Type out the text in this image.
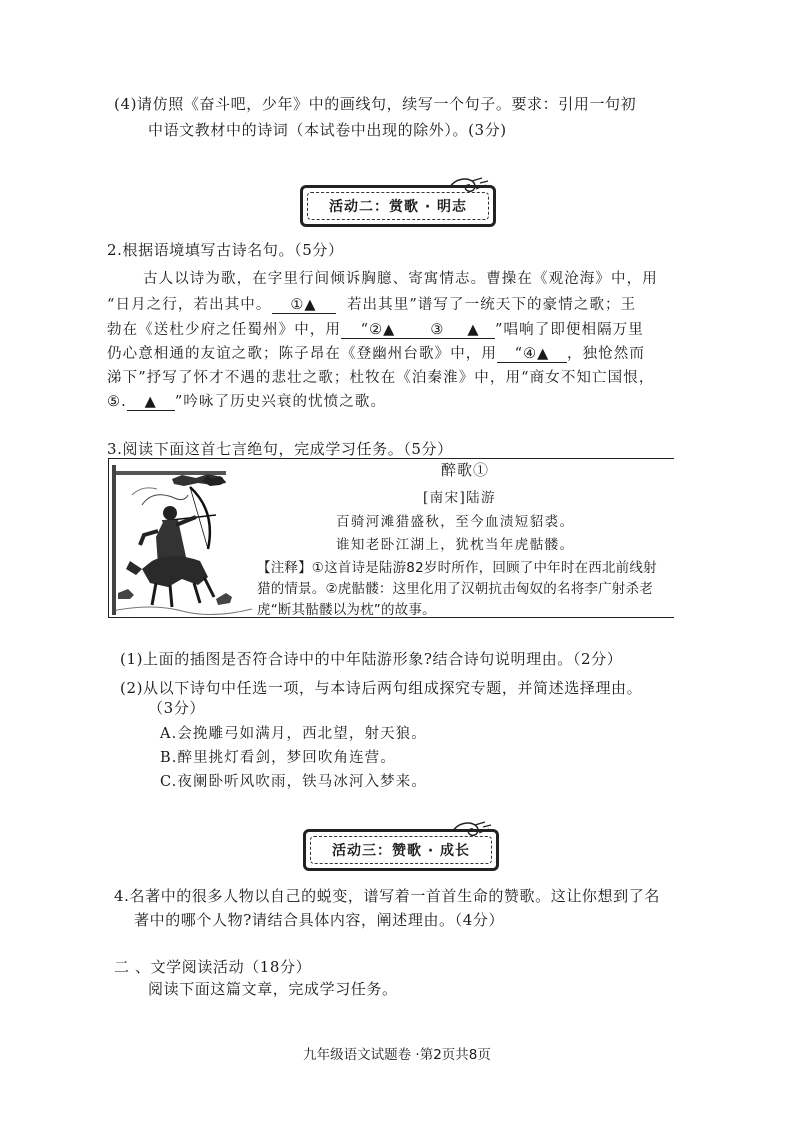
(4)请仿照《奋斗吧，少年》中的画线句，续写一个句子。要求：引用一句初
中语文教材中的诗词（本试卷中出现的除外）。(3分)
活动二：赏歌 · 明志
2.根据语境填写古诗名句。（5分）
古人以诗为歌，在字里行间倾诉胸臆、寄寓情志。曹操在《观沧海》中，用
“日月之行，若出其中。 ①▲ 若出其里”谱写了一统天下的豪情之歌；王
勃在《送杜少府之任蜀州》中，用 “②▲ ③ ▲ ”唱响了即便相隔万里
仍心意相通的友谊之歌；陈子昂在《登幽州台歌》中，用 “④▲ ，独怆然而
涕下”抒写了怀才不遇的悲壮之歌；杜牧在《泊秦淮》中，用“商女不知亡国恨，
⑤. ▲ ”吟咏了历史兴衰的忧愤之歌。
3.阅读下面这首七言绝句，完成学习任务。（5分）
醉歌①
[南宋]陆游
百骑河滩猎盛秋，至今血渍短貂裘。
谁知老卧江湖上，犹枕当年虎骷髅。
【注释】①这首诗是陆游82岁时所作，回顾了中年时在西北前线射
猎的情景。②虎骷髅：这里化用了汉朝抗击匈奴的名将李广射杀老
虎“断其骷髅以为枕”的故事。
(1)上面的插图是否符合诗中的中年陆游形象?结合诗句说明理由。（2分）
(2)从以下诗句中任选一项，与本诗后两句组成探究专题，并简述选择理由。
（3分）
A.会挽雕弓如满月，西北望，射天狼。
B.醉里挑灯看剑，梦回吹角连营。
C.夜阑卧听风吹雨，铁马冰河入梦来。
活动三：赞歌 · 成长
4.名著中的很多人物以自己的蜕变，谱写着一首首生命的赞歌。这让你想到了名
著中的哪个人物?请结合具体内容，阐述理由。（4分）
二 、文学阅读活动（18分）
阅读下面这篇文章，完成学习任务。
九年级语文试题卷 ·第2页共8页
